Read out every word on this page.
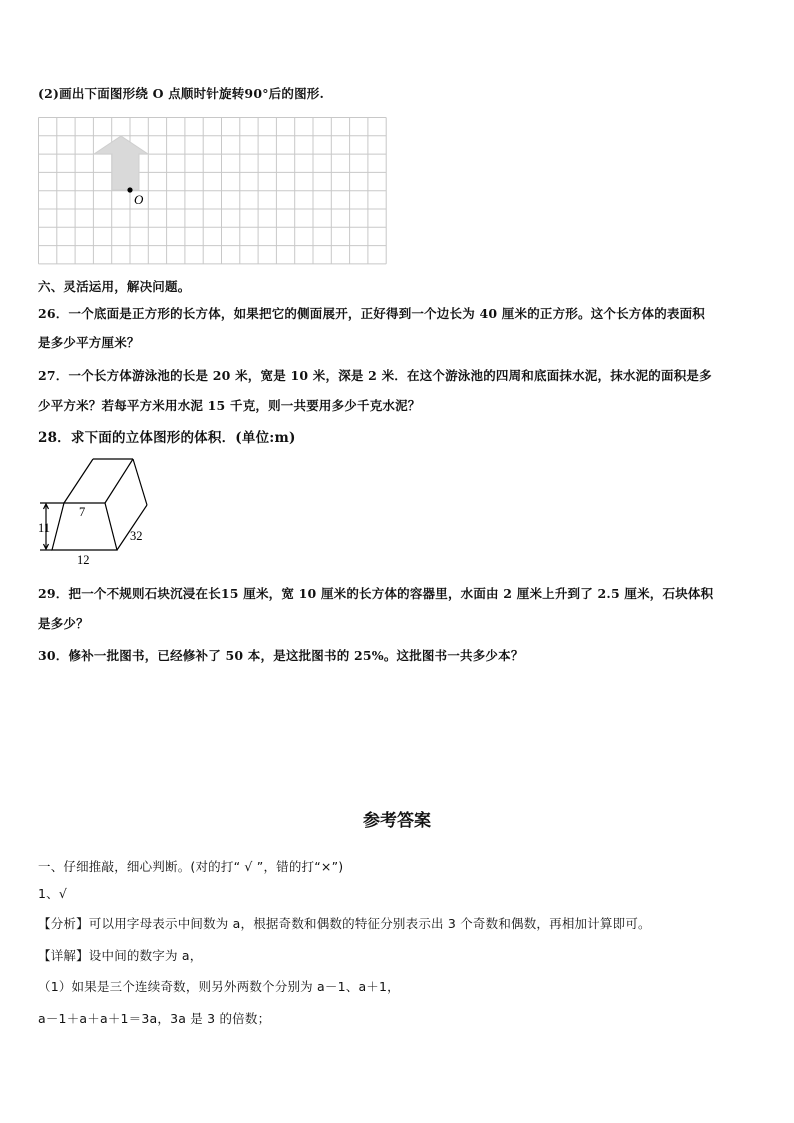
(2)画出下面图形绕 O 点顺时针旋转90°后的图形.
O
六、灵活运用，解决问题。
26．一个底面是正方形的长方体，如果把它的侧面展开，正好得到一个边长为 40 厘米的正方形。这个长方体的表面积
是多少平方厘米？
27．一个长方体游泳池的长是 20 米，宽是 10 米，深是 2 米．在这个游泳池的四周和底面抹水泥，抹水泥的面积是多
少平方米？若每平方米用水泥 15 千克，则一共要用多少千克水泥？
28．求下面的立体图形的体积．(单位:m)
11
7
12
32
29．把一个不规则石块沉浸在长15 厘米，宽 10 厘米的长方体的容器里，水面由 2 厘米上升到了 2.5 厘米，石块体积
是多少？
30．修补一批图书，已经修补了 50 本，是这批图书的 25%。这批图书一共多少本？
参考答案
一、仔细推敲，细心判断。(对的打“ √ ”，错的打“×”)
1、√
【分析】可以用字母表示中间数为 a，根据奇数和偶数的特征分别表示出 3 个奇数和偶数，再相加计算即可。
【详解】设中间的数字为 a，
（1）如果是三个连续奇数，则另外两数个分别为 a－1、a＋1，
a－1＋a＋a＋1＝3a，3a 是 3 的倍数；
